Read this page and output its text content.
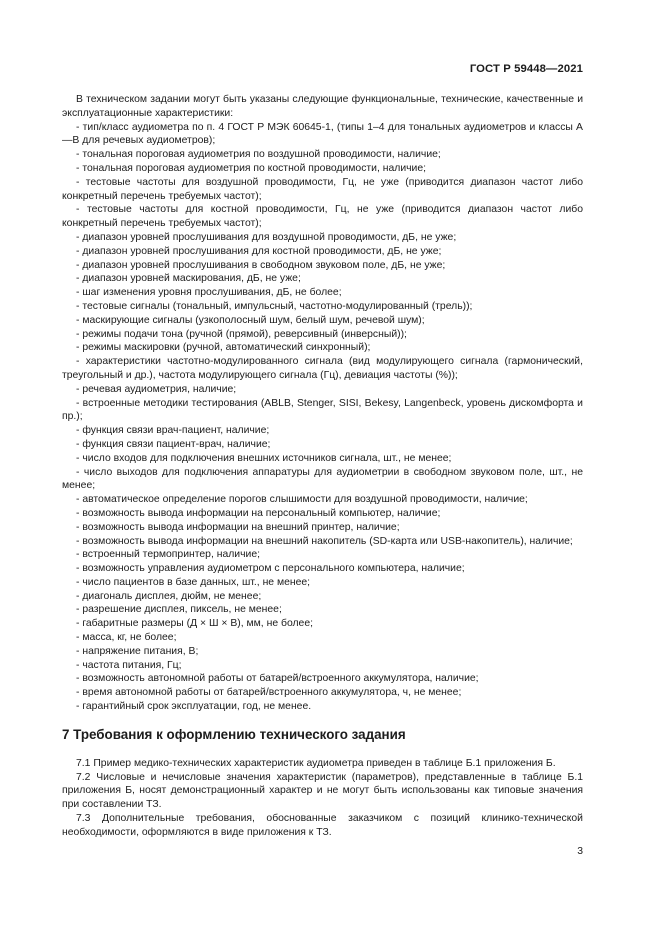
ГОСТ Р 59448—2021

В техническом задании могут быть указаны следующие функциональные, технические, качественные и эксплуатационные характеристики:

- тип/класс аудиометра по п. 4 ГОСТ Р МЭК 60645-1, (типы 1–4 для тональных аудиометров и классы А—В для речевых аудиометров);

- тональная пороговая аудиометрия по воздушной проводимости, наличие;

- тональная пороговая аудиометрия по костной проводимости, наличие;

- тестовые частоты для воздушной проводимости, Гц, не уже (приводится диапазон частот либо конкретный перечень требуемых частот);

- тестовые частоты для костной проводимости, Гц, не уже (приводится диапазон частот либо конкретный перечень требуемых частот);

- диапазон уровней прослушивания для воздушной проводимости, дБ, не уже;

- диапазон уровней прослушивания для костной проводимости, дБ, не уже;

- диапазон уровней прослушивания в свободном звуковом поле, дБ, не уже;

- диапазон уровней маскирования, дБ, не уже;

- шаг изменения уровня прослушивания, дБ, не более;

- тестовые сигналы (тональный, импульсный, частотно-модулированный (трель));

- маскирующие сигналы (узкополосный шум, белый шум, речевой шум);

- режимы подачи тона (ручной (прямой), реверсивный (инверсный));

- режимы маскировки (ручной, автоматический синхронный);

- характеристики частотно-модулированного сигнала (вид модулирующего сигнала (гармонический, треугольный и др.), частота модулирующего сигнала (Гц), девиация частоты (%));

- речевая аудиометрия, наличие;

- встроенные методики тестирования (ABLB, Stenger, SISI, Bekesy, Langenbeck, уровень дискомфорта и пр.);

- функция связи врач-пациент, наличие;

- функция связи пациент-врач, наличие;

- число входов для подключения внешних источников сигнала, шт., не менее;

- число выходов для подключения аппаратуры для аудиометрии в свободном звуковом поле, шт., не менее;

- автоматическое определение порогов слышимости для воздушной проводимости, наличие;

- возможность вывода информации на персональный компьютер, наличие;

- возможность вывода информации на внешний принтер, наличие;

- возможность вывода информации на внешний накопитель (SD-карта или USB-накопитель), наличие;

- встроенный термопринтер, наличие;

- возможность управления аудиометром с персонального компьютера, наличие;

- число пациентов в базе данных, шт., не менее;

- диагональ дисплея, дюйм, не менее;

- разрешение дисплея, пиксель, не менее;

- габаритные размеры (Д × Ш × В), мм, не более;

- масса, кг, не более;

- напряжение питания, В;

- частота питания, Гц;

- возможность автономной работы от батарей/встроенного аккумулятора, наличие;

- время автономной работы от батарей/встроенного аккумулятора, ч, не менее;

- гарантийный срок эксплуатации, год, не менее.

7 Требования к оформлению технического задания

7.1 Пример медико-технических характеристик аудиометра приведен в таблице Б.1 приложения Б.

7.2 Числовые и нечисловые значения характеристик (параметров), представленные в таблице Б.1 приложения Б, носят демонстрационный характер и не могут быть использованы как типовые значения при составлении ТЗ.

7.3 Дополнительные требования, обоснованные заказчиком с позиций клинико-технической необходимости, оформляются в виде приложения к ТЗ.

3
